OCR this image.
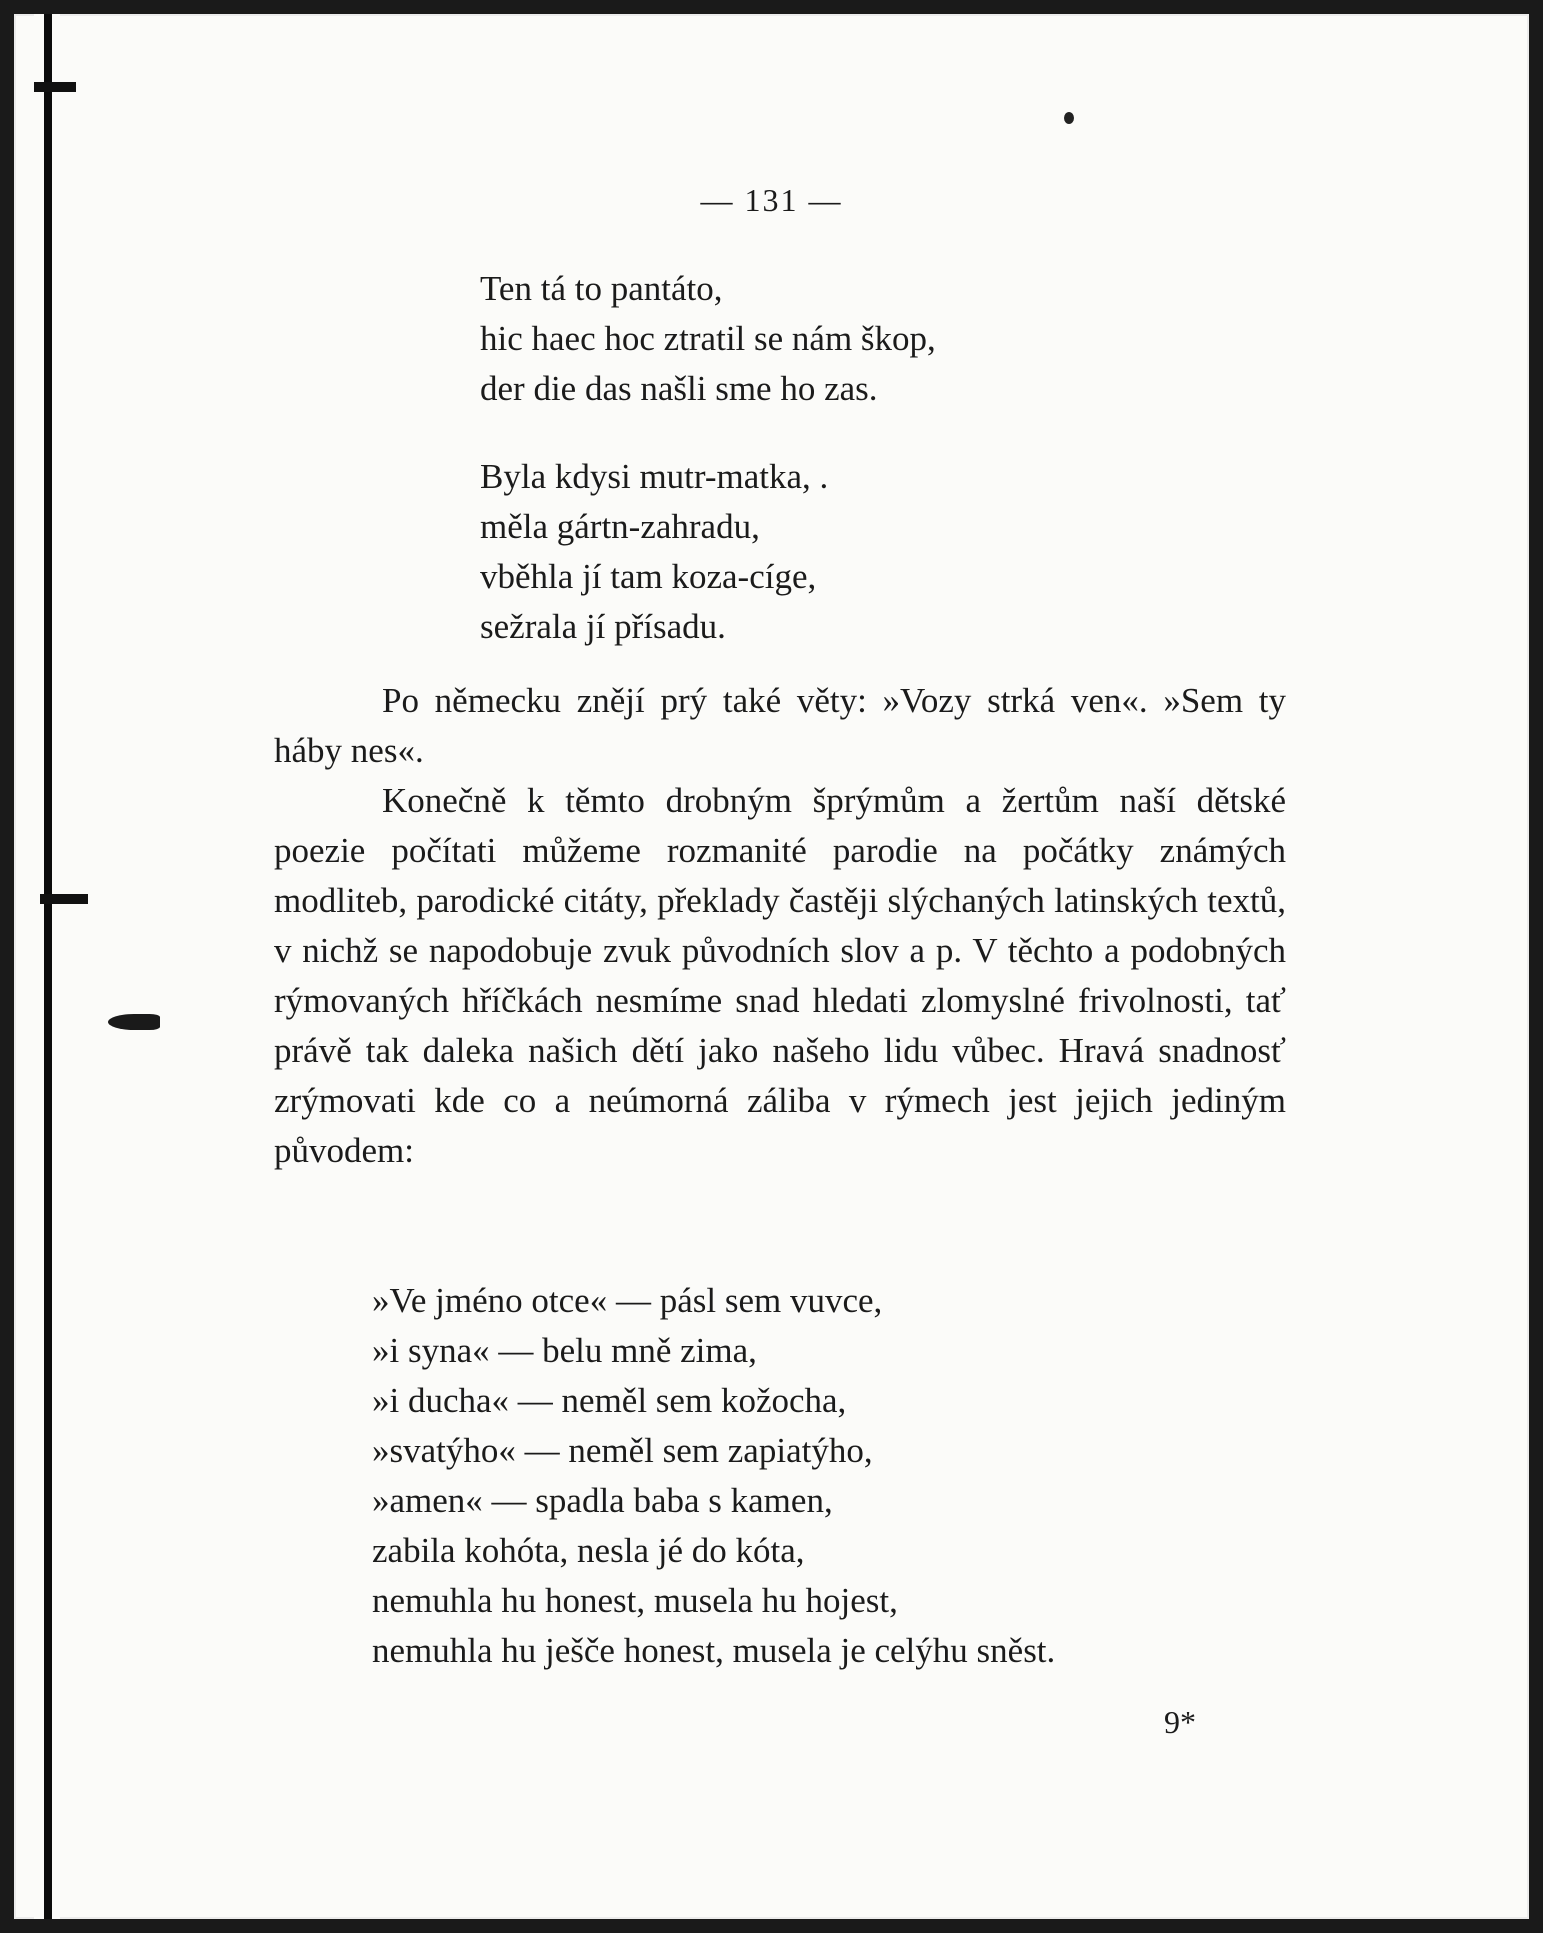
— 131 —
Ten tá to pantáto,
hic haec hoc ztratil se nám škop,
der die das našli sme ho zas.
Byla kdysi mutr-matka, .
měla gártn-zahradu,
vběhla jí tam koza-cíge,
sežrala jí přísadu.

Po německu znějí prý také věty: »Vozy strká ven«. »Sem ty háby nes«.

Konečně k těmto drobným šprýmům a žertům naší dětské poezie počítati můžeme rozmanité parodie na počátky známých modliteb, parodické citáty, překlady častěji slýchaných latinských textů, v nichž se napodobuje zvuk původních slov a p. V těchto a podobných rýmovaných hříčkách nesmíme snad hledati zlomyslné frivolnosti, tať právě tak daleka našich dětí jako našeho lidu vůbec. Hravá snadnosť zrýmovati kde co a neúmorná záliba v rýmech jest jejich jediným původem:

»Ve jméno otce« — pásl sem vuvce,
»i syna« — belu mně zima,
»i ducha« — neměl sem kožocha,
»svatýho« — neměl sem zapiatýho,
»amen« — spadla baba s kamen,
zabila kohóta, nesla jé do kóta,
nemuhla hu honest, musela hu hojest,
nemuhla hu ješče honest, musela je celýhu sněst.
9*
